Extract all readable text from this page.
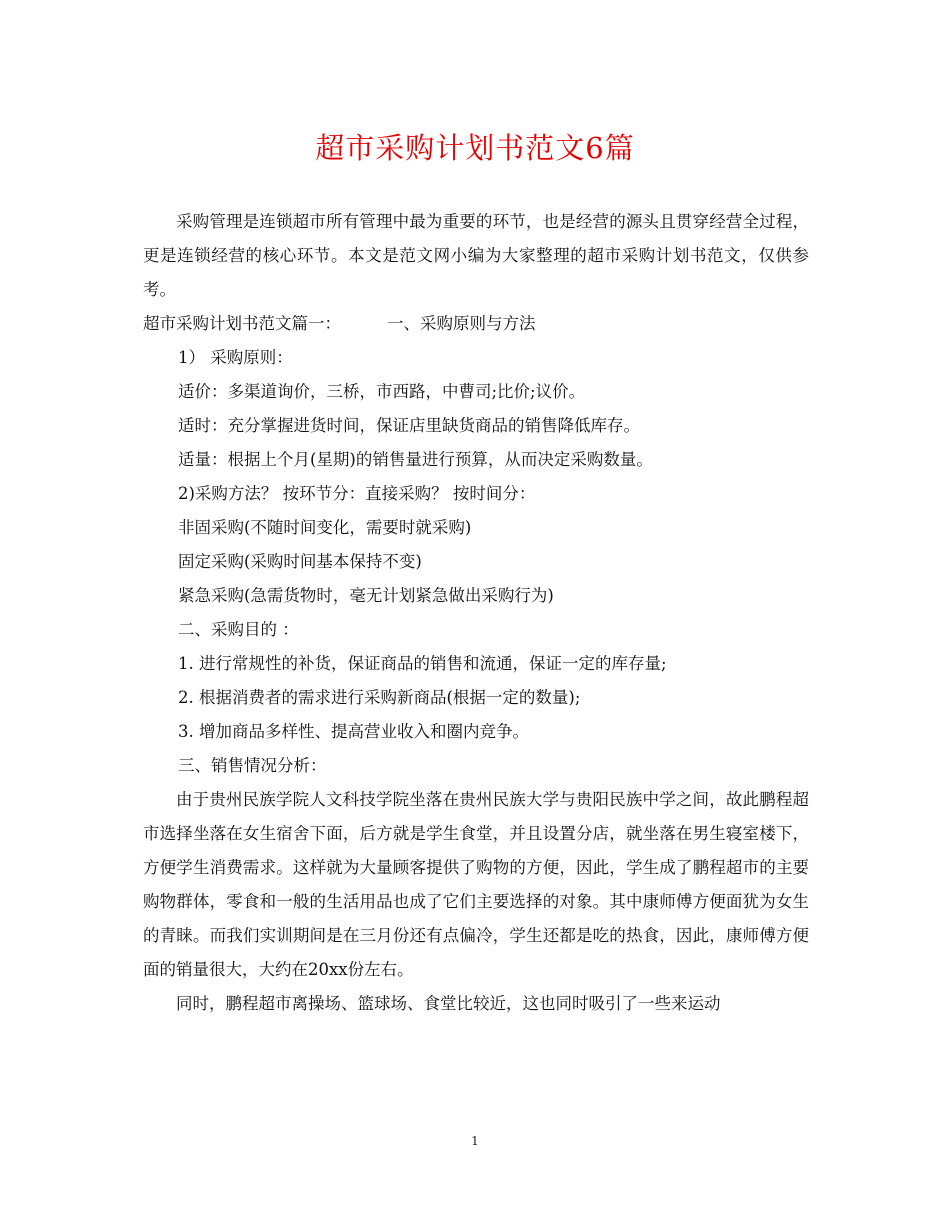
超市采购计划书范文6篇

采购管理是连锁超市所有管理中最为重要的环节，也是经营的源头且贯穿经营全过程，更是连锁经营的核心环节。本文是范文网小编为大家整理的超市采购计划书范文，仅供参考。

超市采购计划书范文篇一：	一、采购原则与方法

1） 采购原则：

适价：多渠道询价，三桥，市西路，中曹司;比价;议价。

适时：充分掌握进货时间，保证店里缺货商品的销售降低库存。

适量：根据上个月(星期)的销售量进行预算，从而决定采购数量。

2)采购方法？ 按环节分：直接采购？ 按时间分：

非固采购(不随时间变化，需要时就采购)

固定采购(采购时间基本保持不变)

紧急采购(急需货物时，毫无计划紧急做出采购行为)

二、采购目的 ：

1. 进行常规性的补货，保证商品的销售和流通，保证一定的库存量;

2. 根据消费者的需求进行采购新商品(根据一定的数量);

3. 增加商品多样性、提高营业收入和圈内竞争。

三、销售情况分析：

由于贵州民族学院人文科技学院坐落在贵州民族大学与贵阳民族中学之间，故此鹏程超市选择坐落在女生宿舍下面，后方就是学生食堂，并且设置分店，就坐落在男生寝室楼下，方便学生消费需求。这样就为大量顾客提供了购物的方便，因此，学生成了鹏程超市的主要购物群体，零食和一般的生活用品也成了它们主要选择的对象。其中康师傅方便面犹为女生的青睐。而我们实训期间是在三月份还有点偏冷，学生还都是吃的热食，因此，康师傅方便面的销量很大，大约在20xx份左右。

同时，鹏程超市离操场、篮球场、食堂比较近，这也同时吸引了一些来运动

1
